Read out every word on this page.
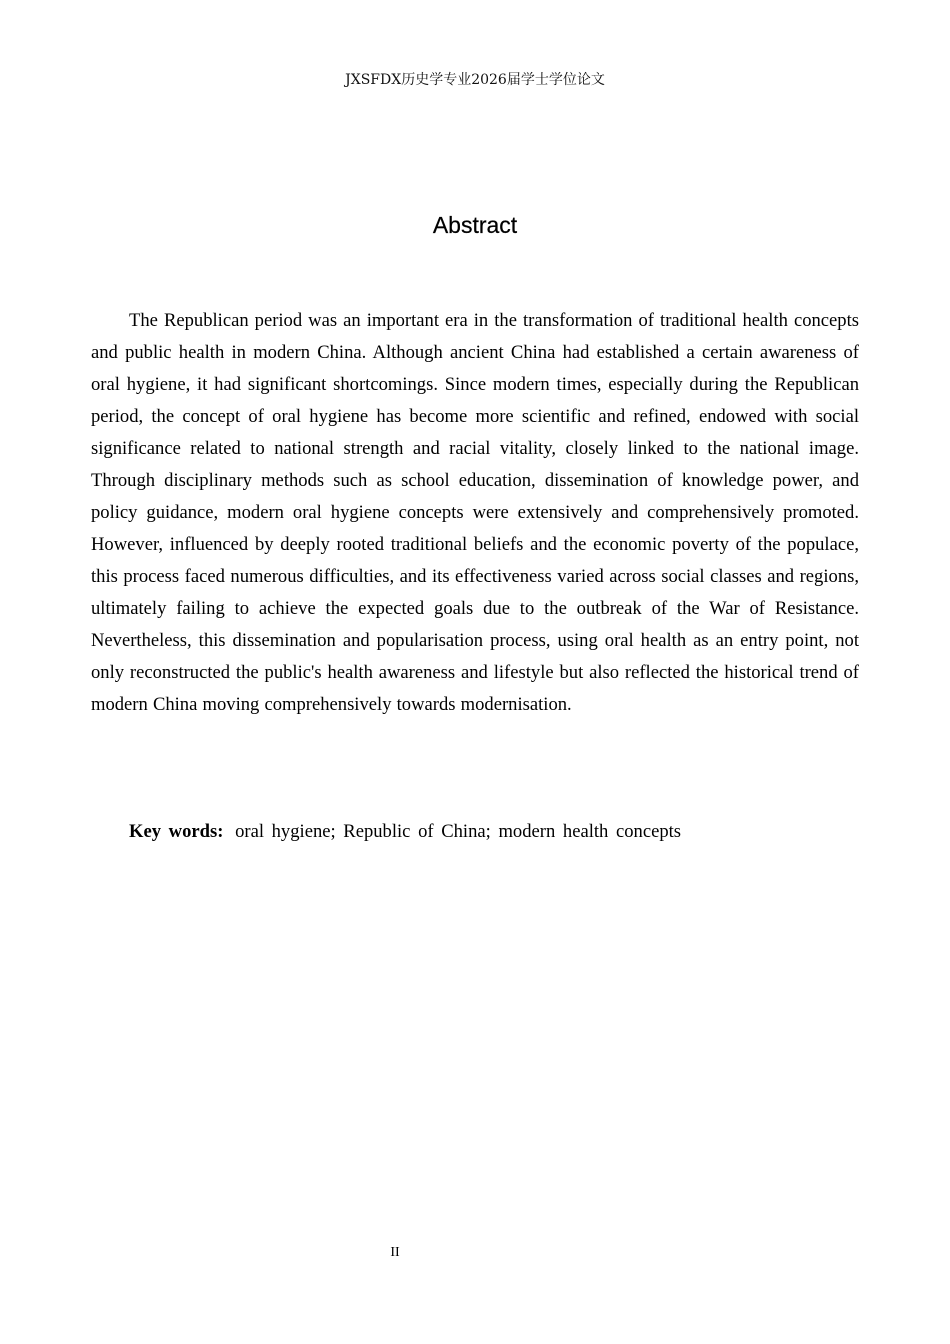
JXSFDX历史学专业2026届学士学位论文
Abstract

The Republican period was an important era in the transformation of traditional health concepts and public health in modern China. Although ancient China had established a certain awareness of oral hygiene, it had significant shortcomings. Since modern times, especially during the Republican period, the concept of oral hygiene has become more scientific and refined, endowed with social significance related to national strength and racial vitality, closely linked to the national image. Through disciplinary methods such as school education, dissemination of knowledge power, and policy guidance, modern oral hygiene concepts were extensively and comprehensively promoted. However, influenced by deeply rooted traditional beliefs and the economic poverty of the populace, this process faced numerous difficulties, and its effectiveness varied across social classes and regions, ultimately failing to achieve the expected goals due to the outbreak of the War of Resistance. Nevertheless, this dissemination and popularisation process, using oral health as an entry point, not only reconstructed the public's health awareness and lifestyle but also reflected the historical trend of modern China moving comprehensively towards modernisation.

Key words: oral hygiene; Republic of China; modern health concepts

II
